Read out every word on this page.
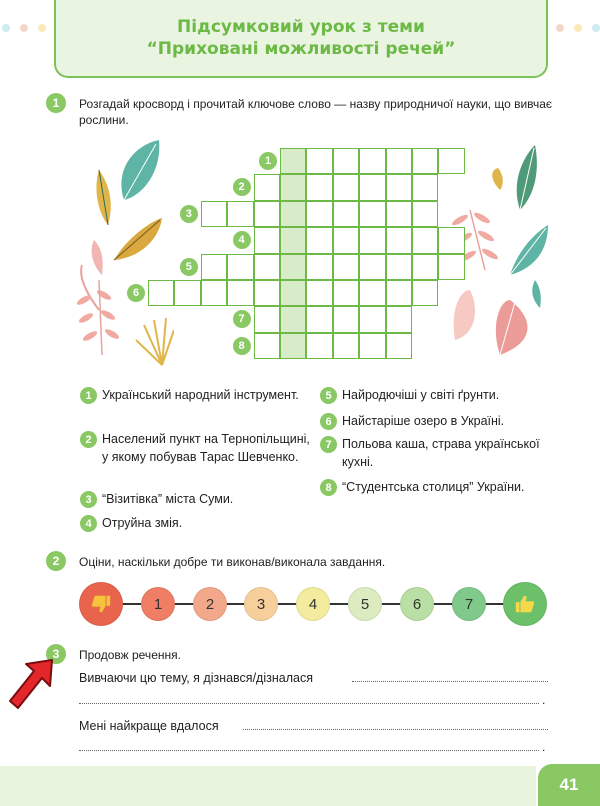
Підсумковий урок з теми
“Приховані можливості речей”
1	Розгадай кросворд і прочитай ключове слово — назву природничої науки, що вивчає рослини.
1
2
3
4
5
6
7
8
1 Український народний інструмент.
2 Населений пункт на Тернопільщині, у якому побував Тарас Шевченко.
3 “Візитівка” міста Суми.
4 Отруйна змія.
5 Найродючіші у світі ґрунти.
6 Найстаріше озеро в Україні.
7 Польова каша, страва української кухні.
8 “Студентська столиця” України.
2	Оціни, наскільки добре ти виконав/виконала завдання.
1	2	3	4	5	6	7
3	Продовж речення.
Вивчаючи цю тему, я дізнався/дізналася
.
Мені найкраще вдалося
.
41
